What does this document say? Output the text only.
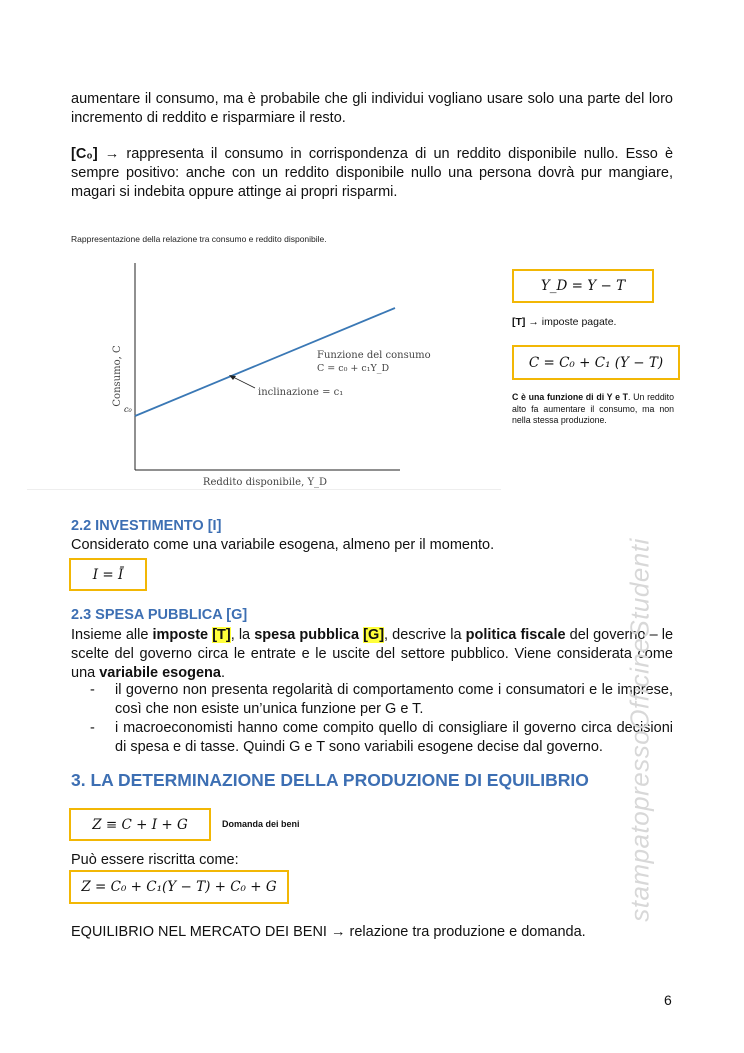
aumentare il consumo, ma è probabile che gli individui vogliano usare solo una parte del loro incremento di reddito e risparmiare il resto.

[C₀] → rappresenta il consumo in corrispondenza di un reddito disponibile nullo. Esso è sempre positivo: anche con un reddito disponibile nullo una persona dovrà pur mangiare, magari si indebita oppure attinge ai propri risparmi.

Rappresentazione della relazione tra consumo e reddito disponibile.
c₀
Consumo, C
Reddito disponibile, Y_D
Funzione del consumo
C = c₀ + c₁Y_D
inclinazione = c₁
Y_D = Y − T
[T] → imposte pagate.
C = C₀ + C₁ (Y − T)
C è una funzione di di Y e T. Un reddito alto fa aumentare il consumo, ma non nella stessa produzione.
2.2 INVESTIMENTO [I]

Considerato come una variabile esogena, almeno per il momento.

I = Ī
2.3 SPESA PUBBLICA [G]

Insieme alle imposte [T], la spesa pubblica [G], descrive la politica fiscale del governo – le scelte del governo circa le entrate e le uscite del settore pubblico. Viene considerata come una variabile esogena.

- il governo non presenta regolarità di comportamento come i consumatori e le imprese, così che non esiste un’unica funzione per G e T.
- i macroeconomisti hanno come compito quello di consigliare il governo circa decisioni di spesa e di tasse. Quindi G e T sono variabili esogene decise dal governo.
3. LA DETERMINAZIONE DELLA PRODUZIONE DI EQUILIBRIO
Z ≡ C + I + G	Domanda dei beni

Può essere riscritta come:

Z = C₀ + C₁(Y − T) + C₀ + G

EQUILIBRIO NEL MERCATO DEI BENI → relazione tra produzione e domanda.

stampatopressoOfficineStudenti
6
